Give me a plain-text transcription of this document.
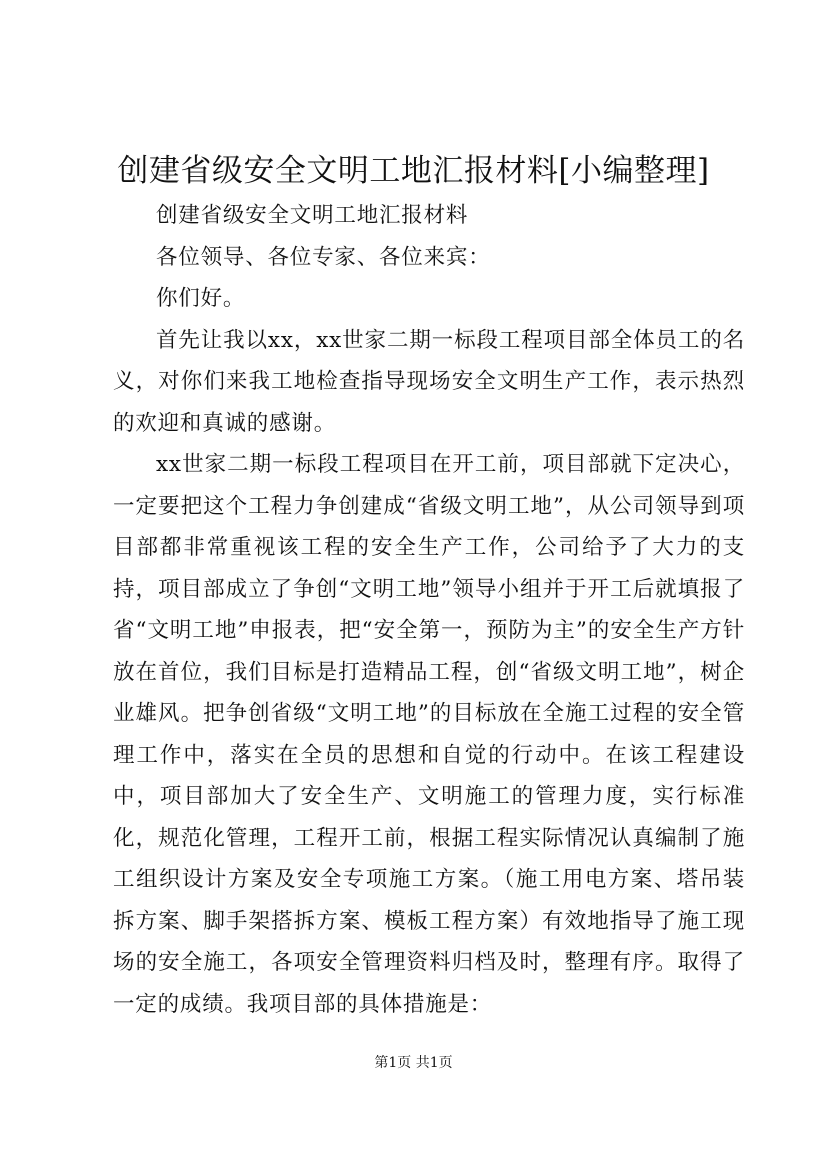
创建省级安全文明工地汇报材料[小编整理]

创建省级安全文明工地汇报材料

各位领导、各位专家、各位来宾：

你们好。

首先让我以xx，xx世家二期一标段工程项目部全体员工的名义，对你们来我工地检查指导现场安全文明生产工作，表示热烈的欢迎和真诚的感谢。

xx世家二期一标段工程项目在开工前，项目部就下定决心，一定要把这个工程力争创建成“省级文明工地”，从公司领导到项目部都非常重视该工程的安全生产工作，公司给予了大力的支持，项目部成立了争创“文明工地”领导小组并于开工后就填报了省“文明工地”申报表，把“安全第一，预防为主”的安全生产方针放在首位，我们目标是打造精品工程，创“省级文明工地”，树企业雄风。把争创省级“文明工地”的目标放在全施工过程的安全管理工作中，落实在全员的思想和自觉的行动中。在该工程建设中，项目部加大了安全生产、文明施工的管理力度，实行标准化，规范化管理，工程开工前，根据工程实际情况认真编制了施工组织设计方案及安全专项施工方案。（施工用电方案、塔吊装拆方案、脚手架搭拆方案、模板工程方案）有效地指导了施工现场的安全施工，各项安全管理资料归档及时，整理有序。取得了一定的成绩。我项目部的具体措施是：

第1页 共1页
